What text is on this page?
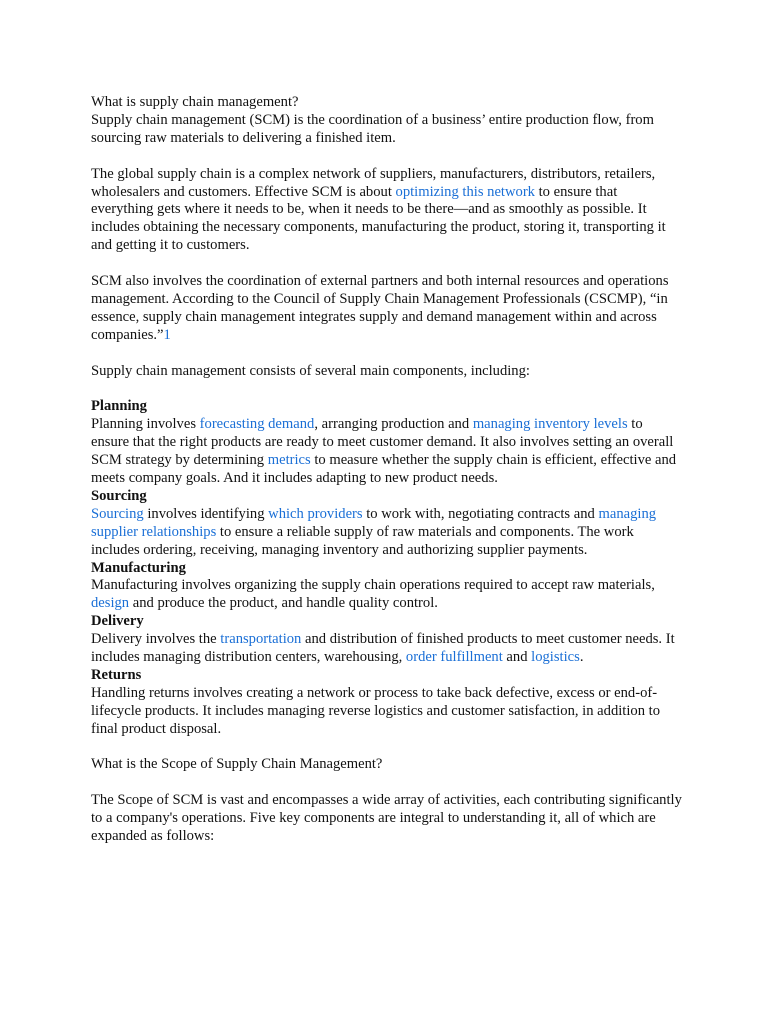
What is supply chain management?

Supply chain management (SCM) is the coordination of a business’ entire production flow, from sourcing raw materials to delivering a finished item.

The global supply chain is a complex network of suppliers, manufacturers, distributors, retailers, wholesalers and customers. Effective SCM is about optimizing this network to ensure that everything gets where it needs to be, when it needs to be there—and as smoothly as possible. It includes obtaining the necessary components, manufacturing the product, storing it, transporting it and getting it to customers.

SCM also involves the coordination of external partners and both internal resources and operations management. According to the Council of Supply Chain Management Professionals (CSCMP), “in essence, supply chain management integrates supply and demand management within and across companies.”1

Supply chain management consists of several main components, including:

Planning

Planning involves forecasting demand, arranging production and managing inventory levels to ensure that the right products are ready to meet customer demand. It also involves setting an overall SCM strategy by determining metrics to measure whether the supply chain is efficient, effective and meets company goals. And it includes adapting to new product needs.

Sourcing

Sourcing involves identifying which providers to work with, negotiating contracts and managing supplier relationships to ensure a reliable supply of raw materials and components. The work includes ordering, receiving, managing inventory and authorizing supplier payments.

Manufacturing

Manufacturing involves organizing the supply chain operations required to accept raw materials, design and produce the product, and handle quality control.

Delivery

Delivery involves the transportation and distribution of finished products to meet customer needs. It includes managing distribution centers, warehousing, order fulfillment and logistics.

Returns

Handling returns involves creating a network or process to take back defective, excess or end-of-lifecycle products. It includes managing reverse logistics and customer satisfaction, in addition to final product disposal.

What is the Scope of Supply Chain Management?

The Scope of SCM is vast and encompasses a wide array of activities, each contributing significantly to a company's operations. Five key components are integral to understanding it, all of which are expanded as follows:
